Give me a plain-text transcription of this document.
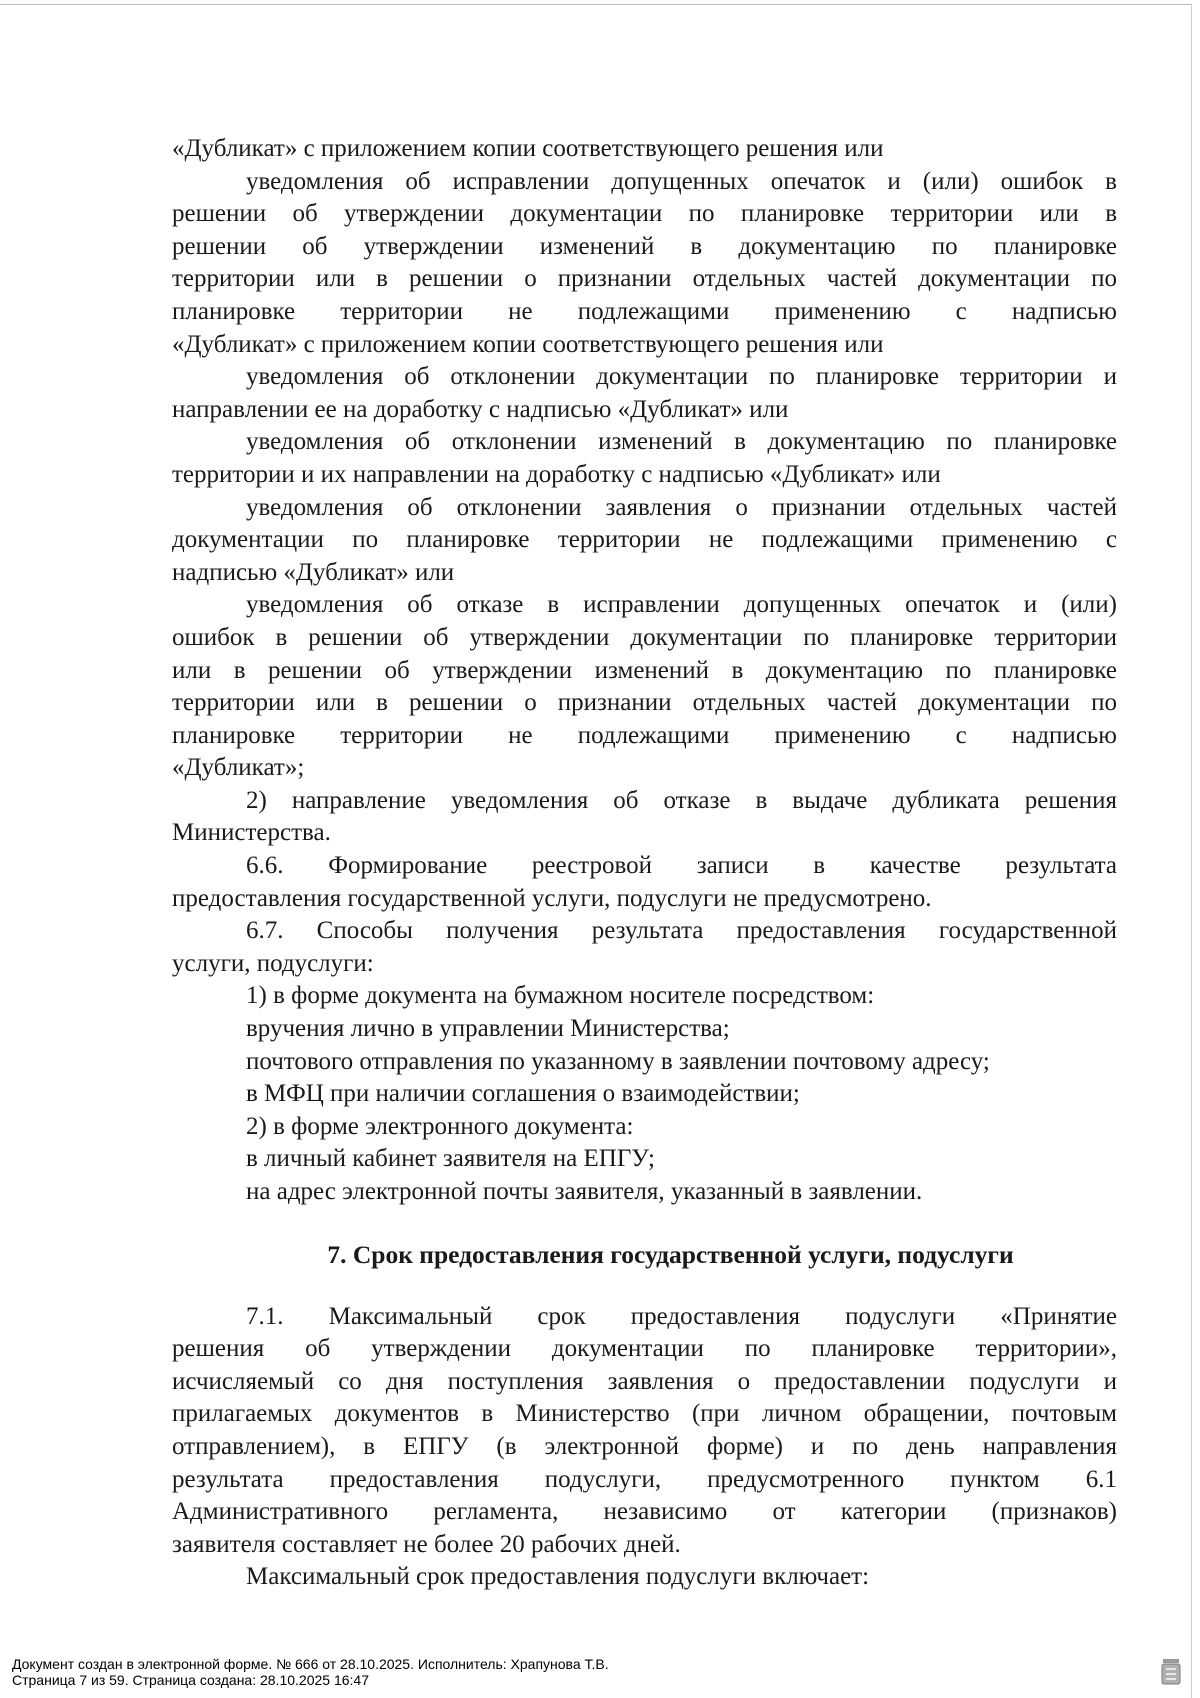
«Дубликат» с приложением копии соответствующего решения или
уведомления об исправлении допущенных опечаток и (или) ошибок в
решении об утверждении документации по планировке территории или в
решении об утверждении изменений в документацию по планировке
территории или в решении о признании отдельных частей документации по
планировке территории не подлежащими применению с надписью
«Дубликат» с приложением копии соответствующего решения или
уведомления об отклонении документации по планировке территории и
направлении ее на доработку с надписью «Дубликат» или
уведомления об отклонении изменений в документацию по планировке
территории и их направлении на доработку с надписью «Дубликат» или
уведомления об отклонении заявления о признании отдельных частей
документации по планировке территории не подлежащими применению с
надписью «Дубликат» или
уведомления об отказе в исправлении допущенных опечаток и (или)
ошибок в решении об утверждении документации по планировке территории
или в решении об утверждении изменений в документацию по планировке
территории или в решении о признании отдельных частей документации по
планировке территории не подлежащими применению с надписью
«Дубликат»;
2) направление уведомления об отказе в выдаче дубликата решения
Министерства.
6.6. Формирование реестровой записи в качестве результата
предоставления государственной услуги, подуслуги не предусмотрено.
6.7. Способы получения результата предоставления государственной
услуги, подуслуги:
1) в форме документа на бумажном носителе посредством:
вручения лично в управлении Министерства;
почтового отправления по указанному в заявлении почтовому адресу;
в МФЦ при наличии соглашения о взаимодействии;
2) в форме электронного документа:
в личный кабинет заявителя на ЕПГУ;
на адрес электронной почты заявителя, указанный в заявлении.
7. Срок предоставления государственной услуги, подуслуги
7.1. Максимальный срок предоставления подуслуги «Принятие
решения об утверждении документации по планировке территории»,
исчисляемый со дня поступления заявления о предоставлении подуслуги и
прилагаемых документов в Министерство (при личном обращении, почтовым
отправлением), в ЕПГУ (в электронной форме) и по день направления
результата предоставления подуслуги, предусмотренного пунктом 6.1
Административного регламента, независимо от категории (признаков)
заявителя составляет не более 20 рабочих дней.
Максимальный срок предоставления подуслуги включает:
Документ создан в электронной форме. № 666 от 28.10.2025. Исполнитель: Храпунова Т.В.
Страница 7 из 59. Страница создана: 28.10.2025 16:47
